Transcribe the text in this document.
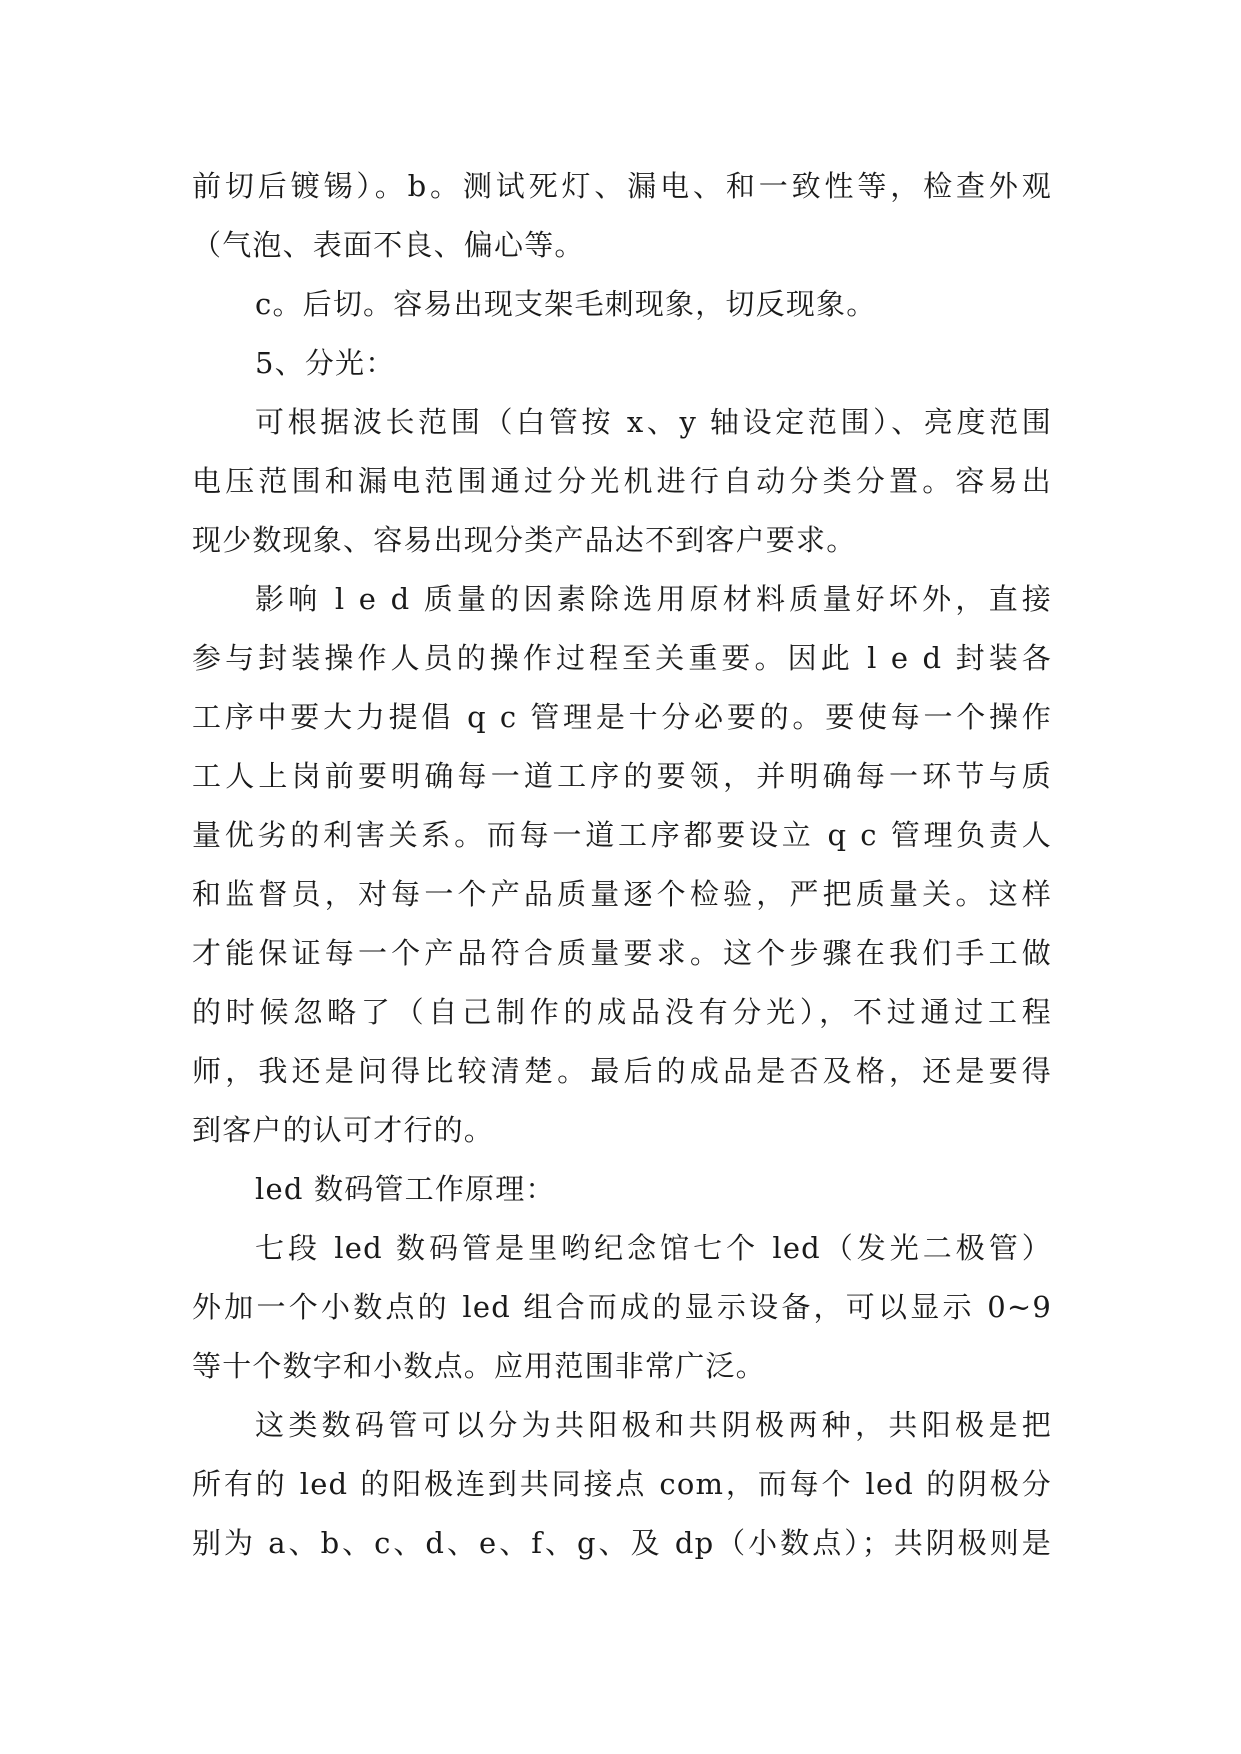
前切后镀锡）。b。测试死灯、漏电、和一致性等，检查外观
（气泡、表面不良、偏心等。
c。后切。容易出现支架毛刺现象，切反现象。
5、分光：
可根据波长范围（白管按 x、y 轴设定范围）、亮度范围
电压范围和漏电范围通过分光机进行自动分类分置。容易出
现少数现象、容易出现分类产品达不到客户要求。
影响 l e d 质量的因素除选用原材料质量好坏外，直接
参与封装操作人员的操作过程至关重要。因此 l e d 封装各
工序中要大力提倡 q c 管理是十分必要的。要使每一个操作
工人上岗前要明确每一道工序的要领，并明确每一环节与质
量优劣的利害关系。而每一道工序都要设立 q c 管理负责人
和监督员，对每一个产品质量逐个检验，严把质量关。这样
才能保证每一个产品符合质量要求。这个步骤在我们手工做
的时候忽略了（自己制作的成品没有分光），不过通过工程
师，我还是问得比较清楚。最后的成品是否及格，还是要得
到客户的认可才行的。
led 数码管工作原理：
七段 led 数码管是里哟纪念馆七个 led（发光二极管）
外加一个小数点的 led 组合而成的显示设备，可以显示 0~9
等十个数字和小数点。应用范围非常广泛。
这类数码管可以分为共阳极和共阴极两种，共阳极是把
所有的 led 的阳极连到共同接点 com，而每个 led 的阴极分
别为 a、b、c、d、e、f、g、及 dp（小数点）；共阴极则是
